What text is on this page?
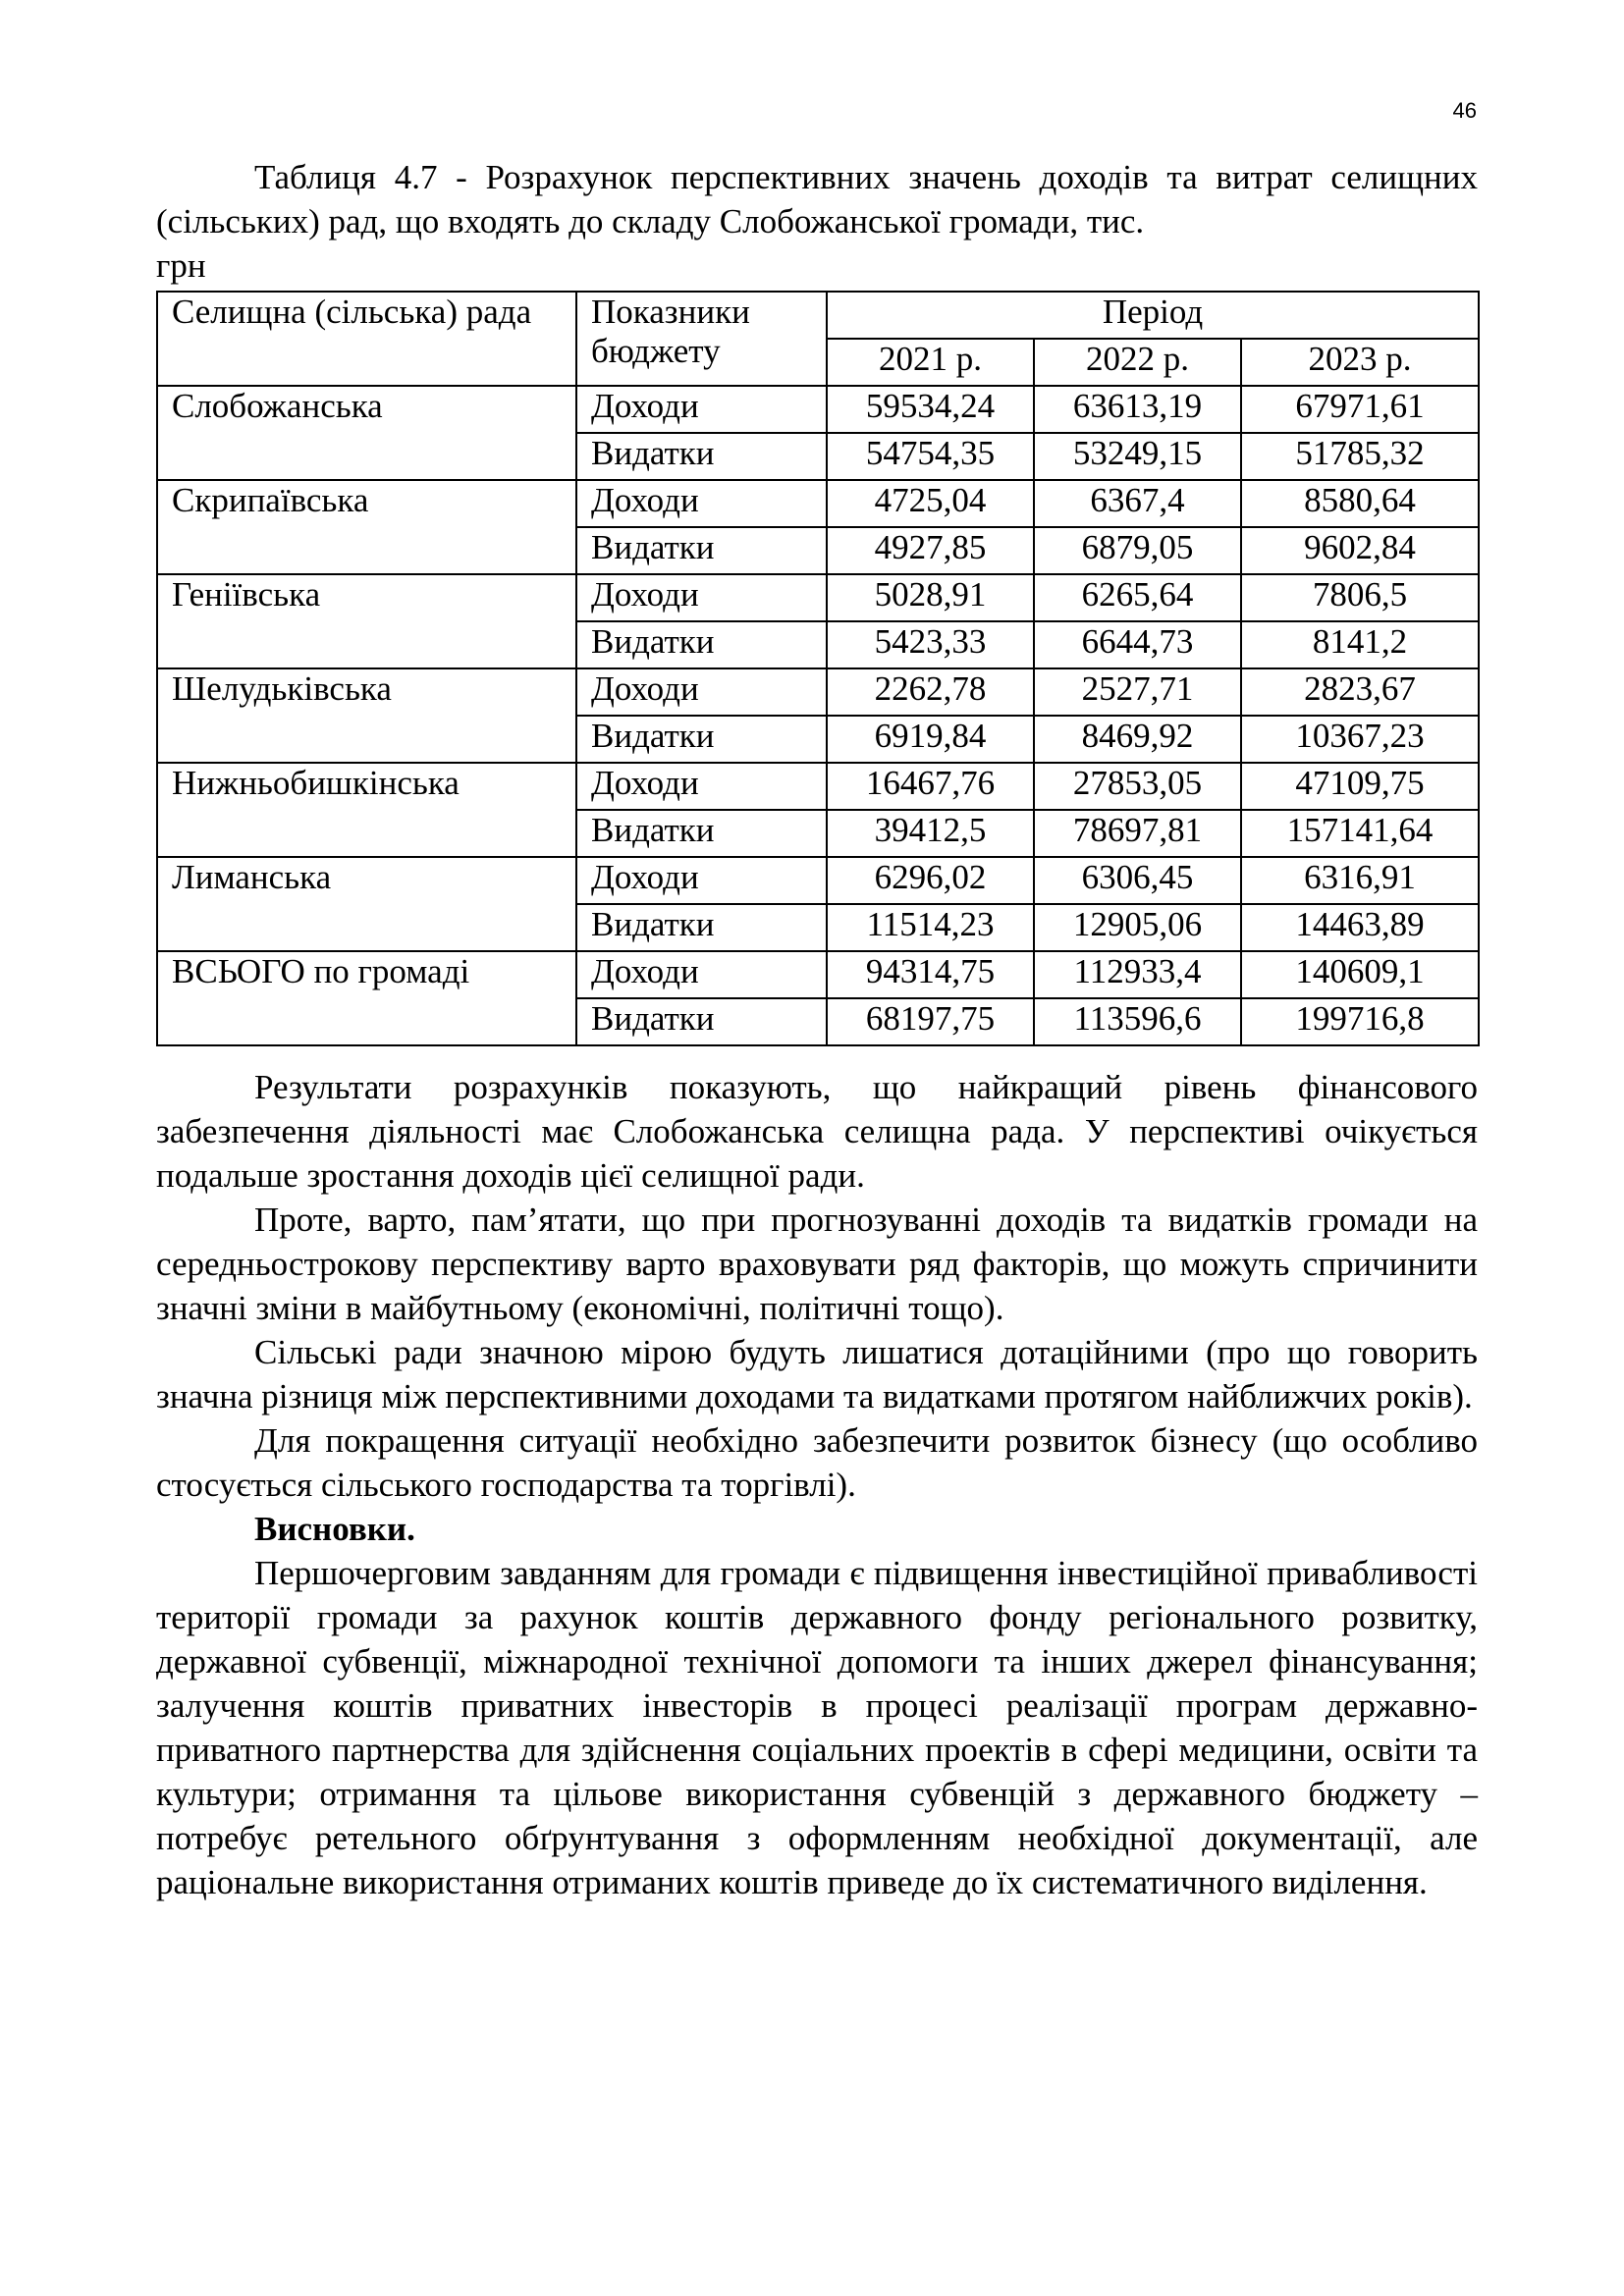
46
Таблиця 4.7 - Розрахунок перспективних значень доходів та витрат селищних (сільських) рад, що входять до складу Слобожанської громади, тис.
грн
Селищна (сільська) рада	Показники бюджету	Період		
		2021 р.	2022 р.	2023 р.
Слобожанська	Доходи	59534,24	63613,19	67971,61
	Видатки	54754,35	53249,15	51785,32
Скрипаївська	Доходи	4725,04	6367,4	8580,64
	Видатки	4927,85	6879,05	9602,84
Геніївська	Доходи	5028,91	6265,64	7806,5
	Видатки	5423,33	6644,73	8141,2
Шелудьківська	Доходи	2262,78	2527,71	2823,67
	Видатки	6919,84	8469,92	10367,23
Нижньобишкінська	Доходи	16467,76	27853,05	47109,75
	Видатки	39412,5	78697,81	157141,64
Лиманська	Доходи	6296,02	6306,45	6316,91
	Видатки	11514,23	12905,06	14463,89
ВСЬОГО по громаді	Доходи	94314,75	112933,4	140609,1
	Видатки	68197,75	113596,6	199716,8

Результати розрахунків показують, що найкращий рівень фінансового забезпечення діяльності має Слобожанська селищна рада. У перспективі очікується подальше зростання доходів цієї селищної ради.

Проте, варто, пам’ятати, що при прогнозуванні доходів та видатків громади на середньострокову перспективу варто враховувати ряд факторів, що можуть спричинити значні зміни в майбутньому (економічні, політичні тощо).

Сільські ради значною мірою будуть лишатися дотаційними (про що говорить значна різниця між перспективними доходами та видатками протягом найближчих років).

Для покращення ситуації необхідно забезпечити розвиток бізнесу (що особливо стосується сільського господарства та торгівлі).

Висновки.

Першочерговим завданням для громади є підвищення інвестиційної привабливості території громади за рахунок коштів державного фонду регіонального розвитку, державної субвенції, міжнародної технічної допомоги та інших джерел фінансування; залучення коштів приватних інвесторів в процесі реалізації програм державно-приватного партнерства для здійснення соціальних проектів в сфері медицини, освіти та культури; отримання та цільове використання субвенцій з державного бюджету – потребує ретельного обґрунтування з оформленням необхідної документації, але раціональне використання отриманих коштів приведе до їх систематичного виділення.
